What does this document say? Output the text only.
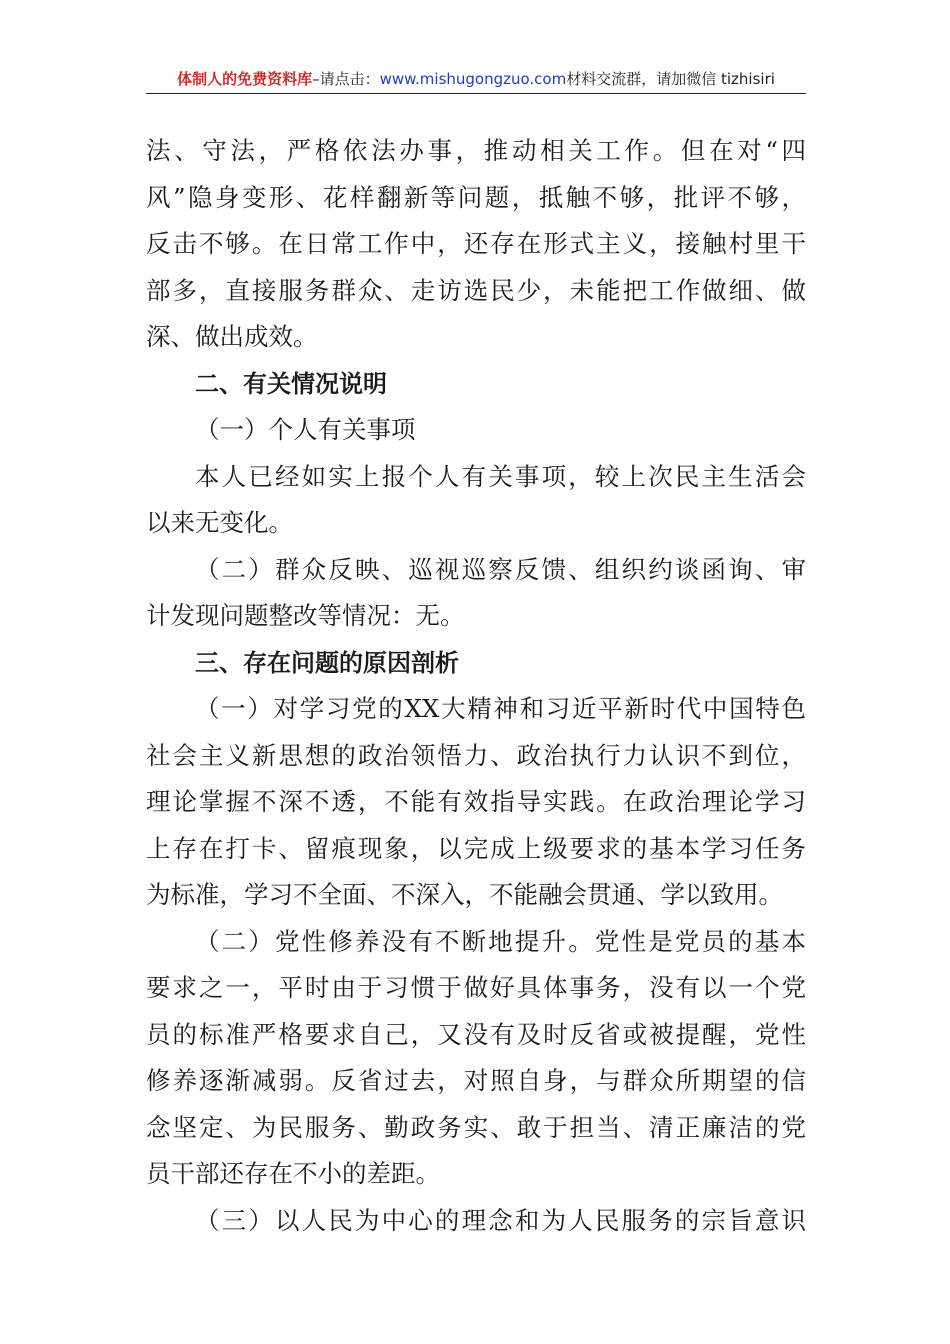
体制人的免费资料库–请点击：www.mishugongzuo.com材料交流群，请加微信 tizhisiri
法、守法，严格依法办事，推动相关工作。但在对“四
风”隐身变形、花样翻新等问题，抵触不够，批评不够，
反击不够。在日常工作中，还存在形式主义，接触村里干
部多，直接服务群众、走访选民少，未能把工作做细、做
深、做出成效。
二、有关情况说明
（一）个人有关事项
本人已经如实上报个人有关事项，较上次民主生活会
以来无变化。
（二）群众反映、巡视巡察反馈、组织约谈函询、审
计发现问题整改等情况：无。
三、存在问题的原因剖析
（一）对学习党的XX大精神和习近平新时代中国特色
社会主义新思想的政治领悟力、政治执行力认识不到位，
理论掌握不深不透，不能有效指导实践。在政治理论学习
上存在打卡、留痕现象，以完成上级要求的基本学习任务
为标准，学习不全面、不深入，不能融会贯通、学以致用。
（二）党性修养没有不断地提升。党性是党员的基本
要求之一，平时由于习惯于做好具体事务，没有以一个党
员的标准严格要求自己，又没有及时反省或被提醒，党性
修养逐渐减弱。反省过去，对照自身，与群众所期望的信
念坚定、为民服务、勤政务实、敢于担当、清正廉洁的党
员干部还存在不小的差距。
（三）以人民为中心的理念和为人民服务的宗旨意识
